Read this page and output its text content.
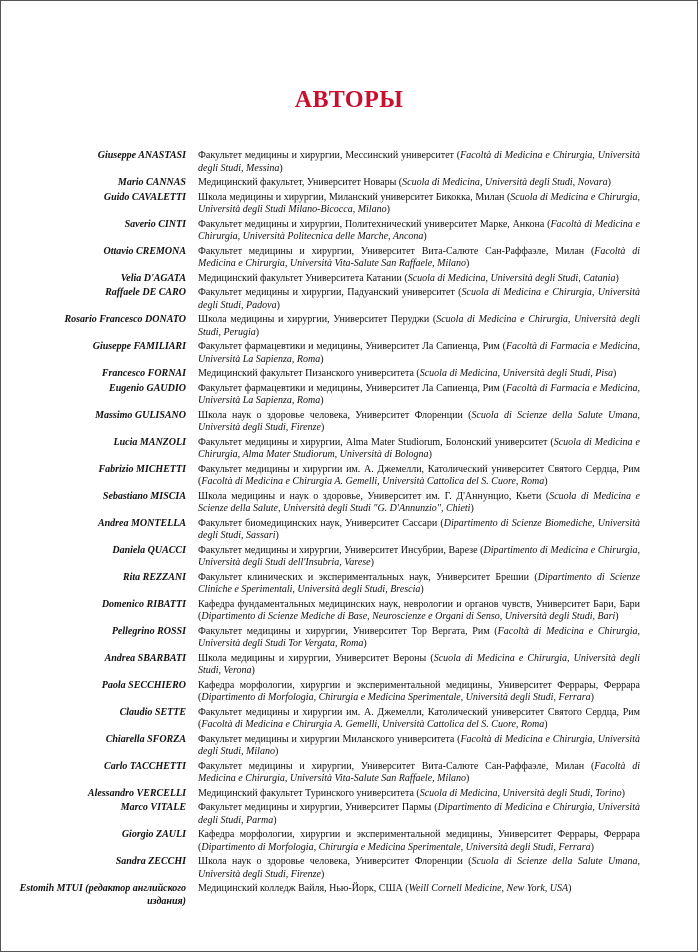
АВТОРЫ
Giuseppe ANASTASI Факультет медицины и хирургии, Мессинский университет (Facoltà di Medicina e Chirurgia, Università degli Studi, Messina)
Mario CANNAS Медицинский факультет, Университет Новары (Scuola di Medicina, Università degli Studi, Novara)
Guido CAVALETTI Школа медицины и хирургии, Миланский университет Бикокка, Милан (Scuola di Medicina e Chirurgia, Università degli Studi Milano-Bicocca, Milano)
Saverio CINTI Факультет медицины и хирургии, Политехнический университет Марке, Анкона (Facoltà di Medicina e Chirurgia, Università Politecnica delle Marche, Ancona)
Ottavio CREMONA Факультет медицины и хирургии, Университет Вита-Салюте Сан-Раффаэле, Милан (Facoltà di Medicina e Chirurgia, Università Vita-Salute San Raffaele, Milano)
Velia D'AGATA Медицинский факультет Университета Катании (Scuola di Medicina, Università degli Studi, Catania)
Raffaele DE CARO Факультет медицины и хирургии, Падуанский университет (Scuola di Medicina e Chirurgia, Università degli Studi, Padova)
Rosario Francesco DONATO Школа медицины и хирургии, Университет Перуджи (Scuola di Medicina e Chirurgia, Università degli Studi, Perugia)
Giuseppe FAMILIARI Факультет фармацевтики и медицины, Университет Ла Сапиенца, Рим (Facoltà di Farmacia e Medicina, Università La Sapienza, Roma)
Francesco FORNAI Медицинский факультет Пизанского университета (Scuola di Medicina, Università degli Studi, Pisa)
Eugenio GAUDIO Факультет фармацевтики и медицины, Университет Ла Сапиенца, Рим (Facoltà di Farmacia e Medicina, Università La Sapienza, Roma)
Massimo GULISANO Школа наук о здоровье человека, Университет Флоренции (Scuola di Scienze della Salute Umana, Università degli Studi, Firenze)
Lucia MANZOLI Факультет медицины и хирургии, Alma Mater Studiorum, Болонский университет (Scuola di Medicina e Chirurgia, Alma Mater Studiorum, Università di Bologna)
Fabrizio MICHETTI Факультет медицины и хирургии им. А. Джемелли, Католический университет Святого Сердца, Рим (Facoltà di Medicina e Chirurgia A. Gemelli, Università Cattolica del S. Cuore, Roma)
Sebastiano MISCIA Школа медицины и наук о здоровье, Университет им. Г. Д'Аннунцио, Кьети (Scuola di Medicina e Scienze della Salute, Università degli Studi "G. D'Annunzio", Chieti)
Andrea MONTELLA Факультет биомедицинских наук, Университет Сассари (Dipartimento di Scienze Biomediche, Università degli Studi, Sassari)
Daniela QUACCI Факультет медицины и хирургии, Университет Инсубрии, Варезе (Dipartimento di Medicina e Chirurgia, Università degli Studi dell'Insubria, Varese)
Rita REZZANI Факультет клинических и экспериментальных наук, Университет Брешии (Dipartimento di Scienze Cliniche e Sperimentali, Università degli Studi, Brescia)
Domenico RIBATTI Кафедра фундаментальных медицинских наук, неврологии и органов чувств, Университет Бари, Бари (Dipartimento di Scienze Mediche di Base, Neuroscienze e Organi di Senso, Università degli Studi, Bari)
Pellegrino ROSSI Факультет медицины и хирургии, Университет Тор Вергата, Рим (Facoltà di Medicina e Chirurgia, Università degli Studi Tor Vergata, Roma)
Andrea SBARBATI Школа медицины и хирургии, Университет Вероны (Scuola di Medicina e Chirurgia, Università degli Studi, Verona)
Paola SECCHIERO Кафедра морфологии, хирургии и экспериментальной медицины, Университет Феррары, Феррара (Dipartimento di Morfologia, Chirurgia e Medicina Sperimentale, Università degli Studi, Ferrara)
Claudio SETTE Факультет медицины и хирургии им. А. Джемелли, Католический университет Святого Сердца, Рим (Facoltà di Medicina e Chirurgia A. Gemelli, Università Cattolica del S. Cuore, Roma)
Chiarella SFORZA Факультет медицины и хирургии Миланского университета (Facoltà di Medicina e Chirurgia, Università degli Studi, Milano)
Carlo TACCHETTI Факультет медицины и хирургии, Университет Вита-Салюте Сан-Раффаэле, Милан (Facoltà di Medicina e Chirurgia, Università Vita-Salute San Raffaele, Milano)
Alessandro VERCELLI Медицинский факультет Туринского университета (Scuola di Medicina, Università degli Studi, Torino)
Marco VITALE Факультет медицины и хирургии, Университет Пармы (Dipartimento di Medicina e Chirurgia, Università degli Studi, Parma)
Giorgio ZAULI Кафедра морфологии, хирургии и экспериментальной медицины, Университет Феррары, Феррара (Dipartimento di Morfologia, Chirurgia e Medicina Sperimentale, Università degli Studi, Ferrara)
Sandra ZECCHI Школа наук о здоровье человека, Университет Флоренции (Scuola di Scienze della Salute Umana, Università degli Studi, Firenze)
Estomih MTUI (редактор английского издания)
Медицинский колледж Вайля, Нью-Йорк, США (Weill Cornell Medicine, New York, USA)
